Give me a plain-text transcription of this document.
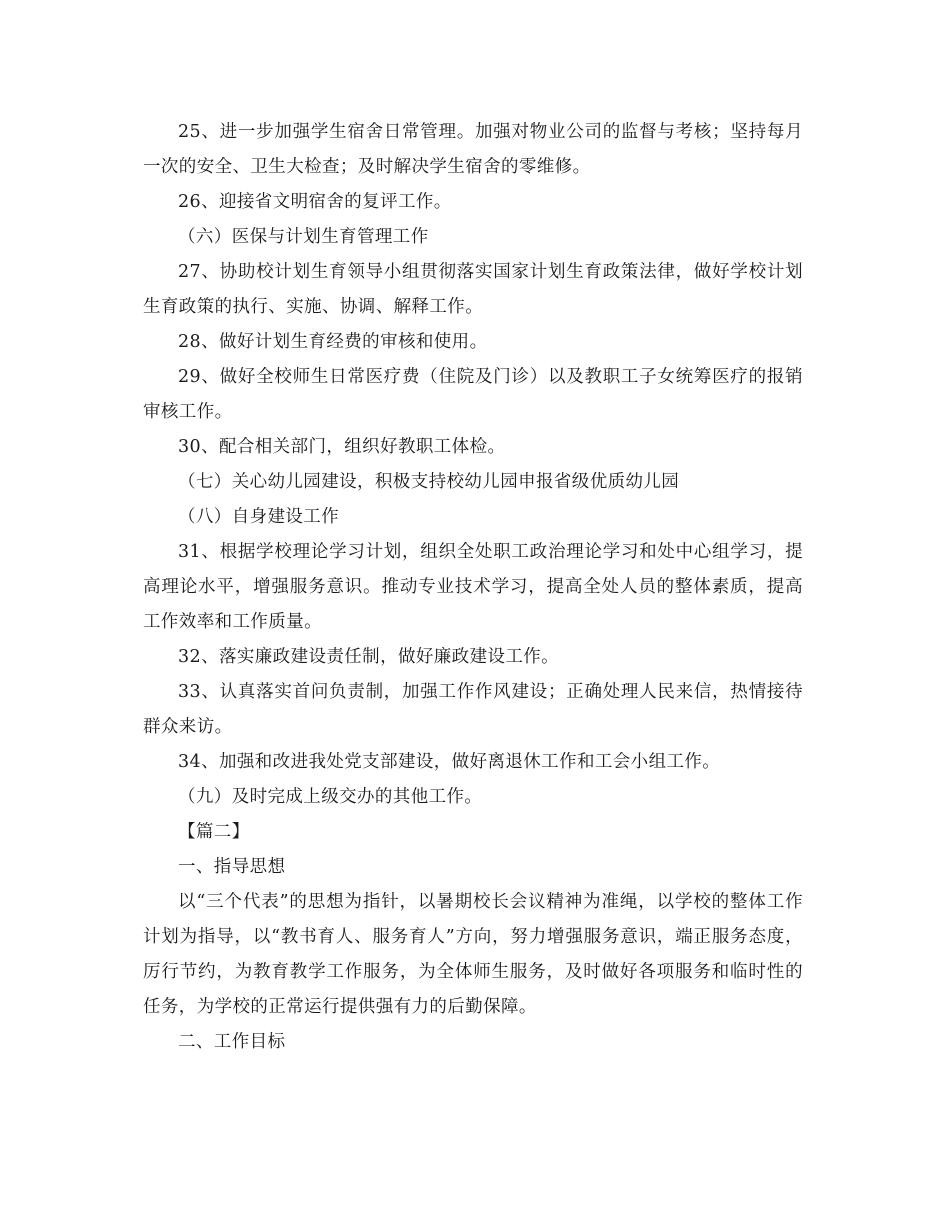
25、进一步加强学生宿舍日常管理。加强对物业公司的监督与考核；坚持每月一次的安全、卫生大检查；及时解决学生宿舍的零维修。

26、迎接省文明宿舍的复评工作。

（六）医保与计划生育管理工作

27、协助校计划生育领导小组贯彻落实国家计划生育政策法律，做好学校计划生育政策的执行、实施、协调、解释工作。

28、做好计划生育经费的审核和使用。

29、做好全校师生日常医疗费（住院及门诊）以及教职工子女统筹医疗的报销审核工作。

30、配合相关部门，组织好教职工体检。

（七）关心幼儿园建设，积极支持校幼儿园申报省级优质幼儿园

（八）自身建设工作

31、根据学校理论学习计划，组织全处职工政治理论学习和处中心组学习，提高理论水平，增强服务意识。推动专业技术学习，提高全处人员的整体素质，提高工作效率和工作质量。

32、落实廉政建设责任制，做好廉政建设工作。

33、认真落实首问负责制，加强工作作风建设；正确处理人民来信，热情接待群众来访。

34、加强和改进我处党支部建设，做好离退休工作和工会小组工作。

（九）及时完成上级交办的其他工作。

【篇二】

一、指导思想

以“三个代表”的思想为指针，以暑期校长会议精神为准绳，以学校的整体工作计划为指导，以“教书育人、服务育人”方向，努力增强服务意识，端正服务态度，厉行节约，为教育教学工作服务，为全体师生服务，及时做好各项服务和临时性的任务，为学校的正常运行提供强有力的后勤保障。

二、工作目标
